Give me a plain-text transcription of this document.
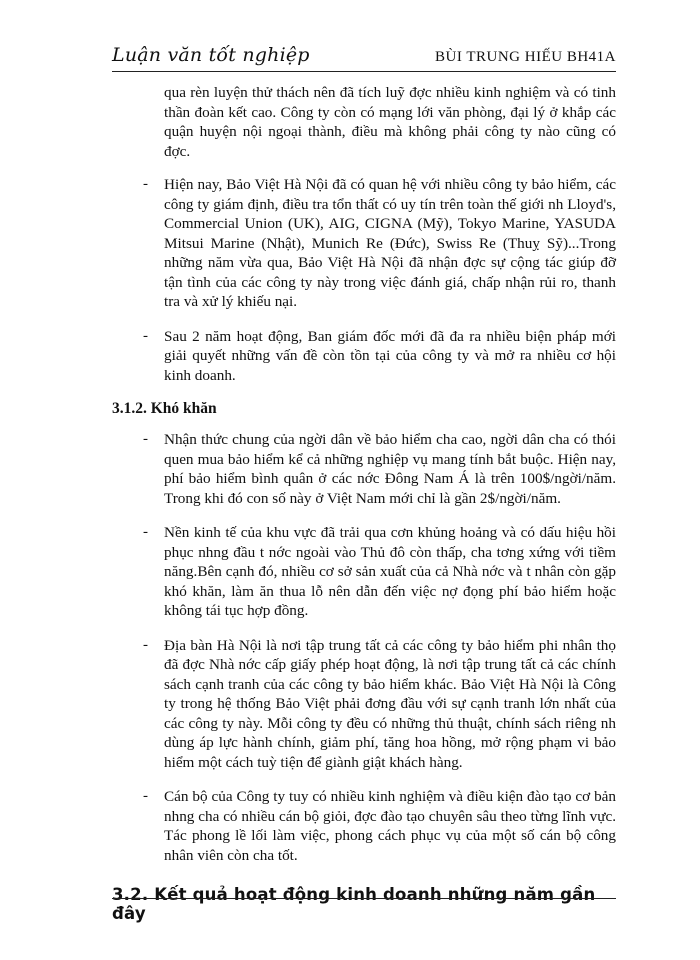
Luận văn tốt nghiệp	BÙI TRUNG HIẾU BH41A
qua rèn luyện thử thách nên đã tích luỹ đợc nhiều kinh nghiệm và có tinh thần đoàn kết cao. Công ty còn có mạng lới văn phòng, đại lý ở khắp các quận huyện nội ngoại thành, điều mà không phải công ty nào cũng có đợc.
- Hiện nay, Bảo Việt Hà Nội đã có quan hệ với nhiều công ty bảo hiểm, các công ty giám định, điều tra tổn thất có uy tín trên toàn thế giới nh Lloyd's, Commercial Union (UK), AIG, CIGNA (Mỹ), Tokyo Marine, YASUDA Mitsui Marine (Nhật), Munich Re (Đức), Swiss Re (Thuỵ Sỹ)...Trong những năm vừa qua, Bảo Việt Hà Nội đã nhận đợc sự cộng tác giúp đỡ tận tình của các công ty này trong việc đánh giá, chấp nhận rủi ro, thanh tra và xử lý khiếu nại.
- Sau 2 năm hoạt động, Ban giám đốc mới đã đa ra nhiều biện pháp mới giải quyết những vấn đề còn tồn tại của công ty và mở ra nhiều cơ hội kinh doanh.
3.1.2. Khó khăn
- Nhận thức chung của ngời dân về bảo hiểm cha cao, ngời dân cha có thói quen mua bảo hiểm kể cả những nghiệp vụ mang tính bắt buộc. Hiện nay, phí bảo hiểm bình quân ở các nớc Đông Nam Á là trên 100$/ngời/năm. Trong khi đó con số này ở Việt Nam mới chỉ là gần 2$/ngời/năm.
- Nền kinh tế của khu vực đã trải qua cơn khủng hoảng và có dấu hiệu hồi phục nhng đầu t nớc ngoài vào Thủ đô còn thấp, cha tơng xứng với tiềm năng.Bên cạnh đó, nhiều cơ sở sản xuất của cả Nhà nớc và t nhân còn gặp khó khăn, làm ăn thua lỗ nên dẫn đến việc nợ đọng phí bảo hiểm hoặc không tái tục hợp đồng.
- Địa bàn Hà Nội là nơi tập trung tất cả các công ty bảo hiểm phi nhân thọ đã đợc Nhà nớc cấp giấy phép hoạt động, là nơi tập trung tất cả các chính sách cạnh tranh của các công ty bảo hiểm khác. Bảo Việt Hà Nội là Công ty trong hệ thống Bảo Việt phải đơng đầu với sự cạnh tranh lớn nhất của các công ty này. Mỗi công ty đều có những thủ thuật, chính sách riêng nh dùng áp lực hành chính, giảm phí, tăng hoa hồng, mở rộng phạm vi bảo hiểm một cách tuỳ tiện để giành giật khách hàng.
- Cán bộ của Công ty tuy có nhiều kinh nghiệm và điều kiện đào tạo cơ bản nhng cha có nhiều cán bộ giỏi, đợc đào tạo chuyên sâu theo từng lĩnh vực. Tác phong lề lối làm việc, phong cách phục vụ của một số cán bộ công nhân viên còn cha tốt.
3.2. Kết quả hoạt động kinh doanh những năm gần đây
